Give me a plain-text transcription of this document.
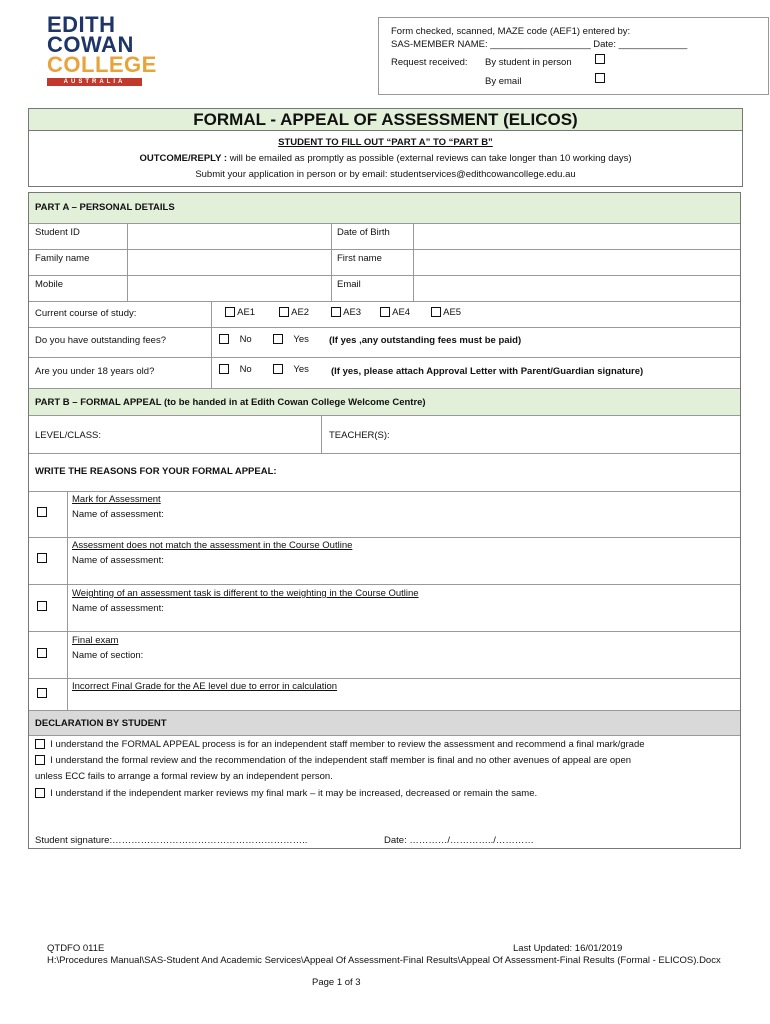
EDITH
COWAN
COLLEGE
AUSTRALIA
Form checked, scanned, MAZE code (AEF1) entered by:
SAS-MEMBER NAME: ___________________ Date: _____________
Request received: By student in person
By email
FORMAL - APPEAL OF ASSESSMENT (ELICOS)
STUDENT TO FILL OUT “PART A” TO “PART B”
OUTCOME/REPLY : will be emailed as promptly as possible (external reviews can take longer than 10 working days)
Submit your application in person or by email: studentservices@edithcowancollege.edu.au
PART A – PERSONAL DETAILS
Student ID	Date of Birth
Family name	First name
Mobile	Email
Current course of study:	AE1	AE2	AE3	AE4	AE5
Do you have outstanding fees?	No	Yes (If yes ,any outstanding fees must be paid)
Are you under 18 years old?	No	Yes (If yes, please attach Approval Letter with Parent/Guardian signature)
PART B – FORMAL APPEAL (to be handed in at Edith Cowan College Welcome Centre)
LEVEL/CLASS:	TEACHER(S):
WRITE THE REASONS FOR YOUR FORMAL APPEAL:
Mark for Assessment
Name of assessment:
Assessment does not match the assessment in the Course Outline
Name of assessment:
Weighting of an assessment task is different to the weighting in the Course Outline
Name of assessment:
Final exam
Name of section:
Incorrect Final Grade for the AE level due to error in calculation
DECLARATION BY STUDENT
I understand the FORMAL APPEAL process is for an independent staff member to review the assessment and recommend a final mark/grade
I understand the formal review and the recommendation of the independent staff member is final and no other avenues of appeal are open
unless ECC fails to arrange a formal review by an independent person.
I understand if the independent marker reviews my final mark – it may be increased, decreased or remain the same.
Student signature:……………………………………………………..	Date: …………/…………../…………
QTDFO 011E	Last Updated: 16/01/2019
H:\Procedures Manual\SAS-Student And Academic Services\Appeal Of Assessment-Final Results\Appeal Of Assessment-Final Results (Formal - ELICOS).Docx
Page 1 of 3
